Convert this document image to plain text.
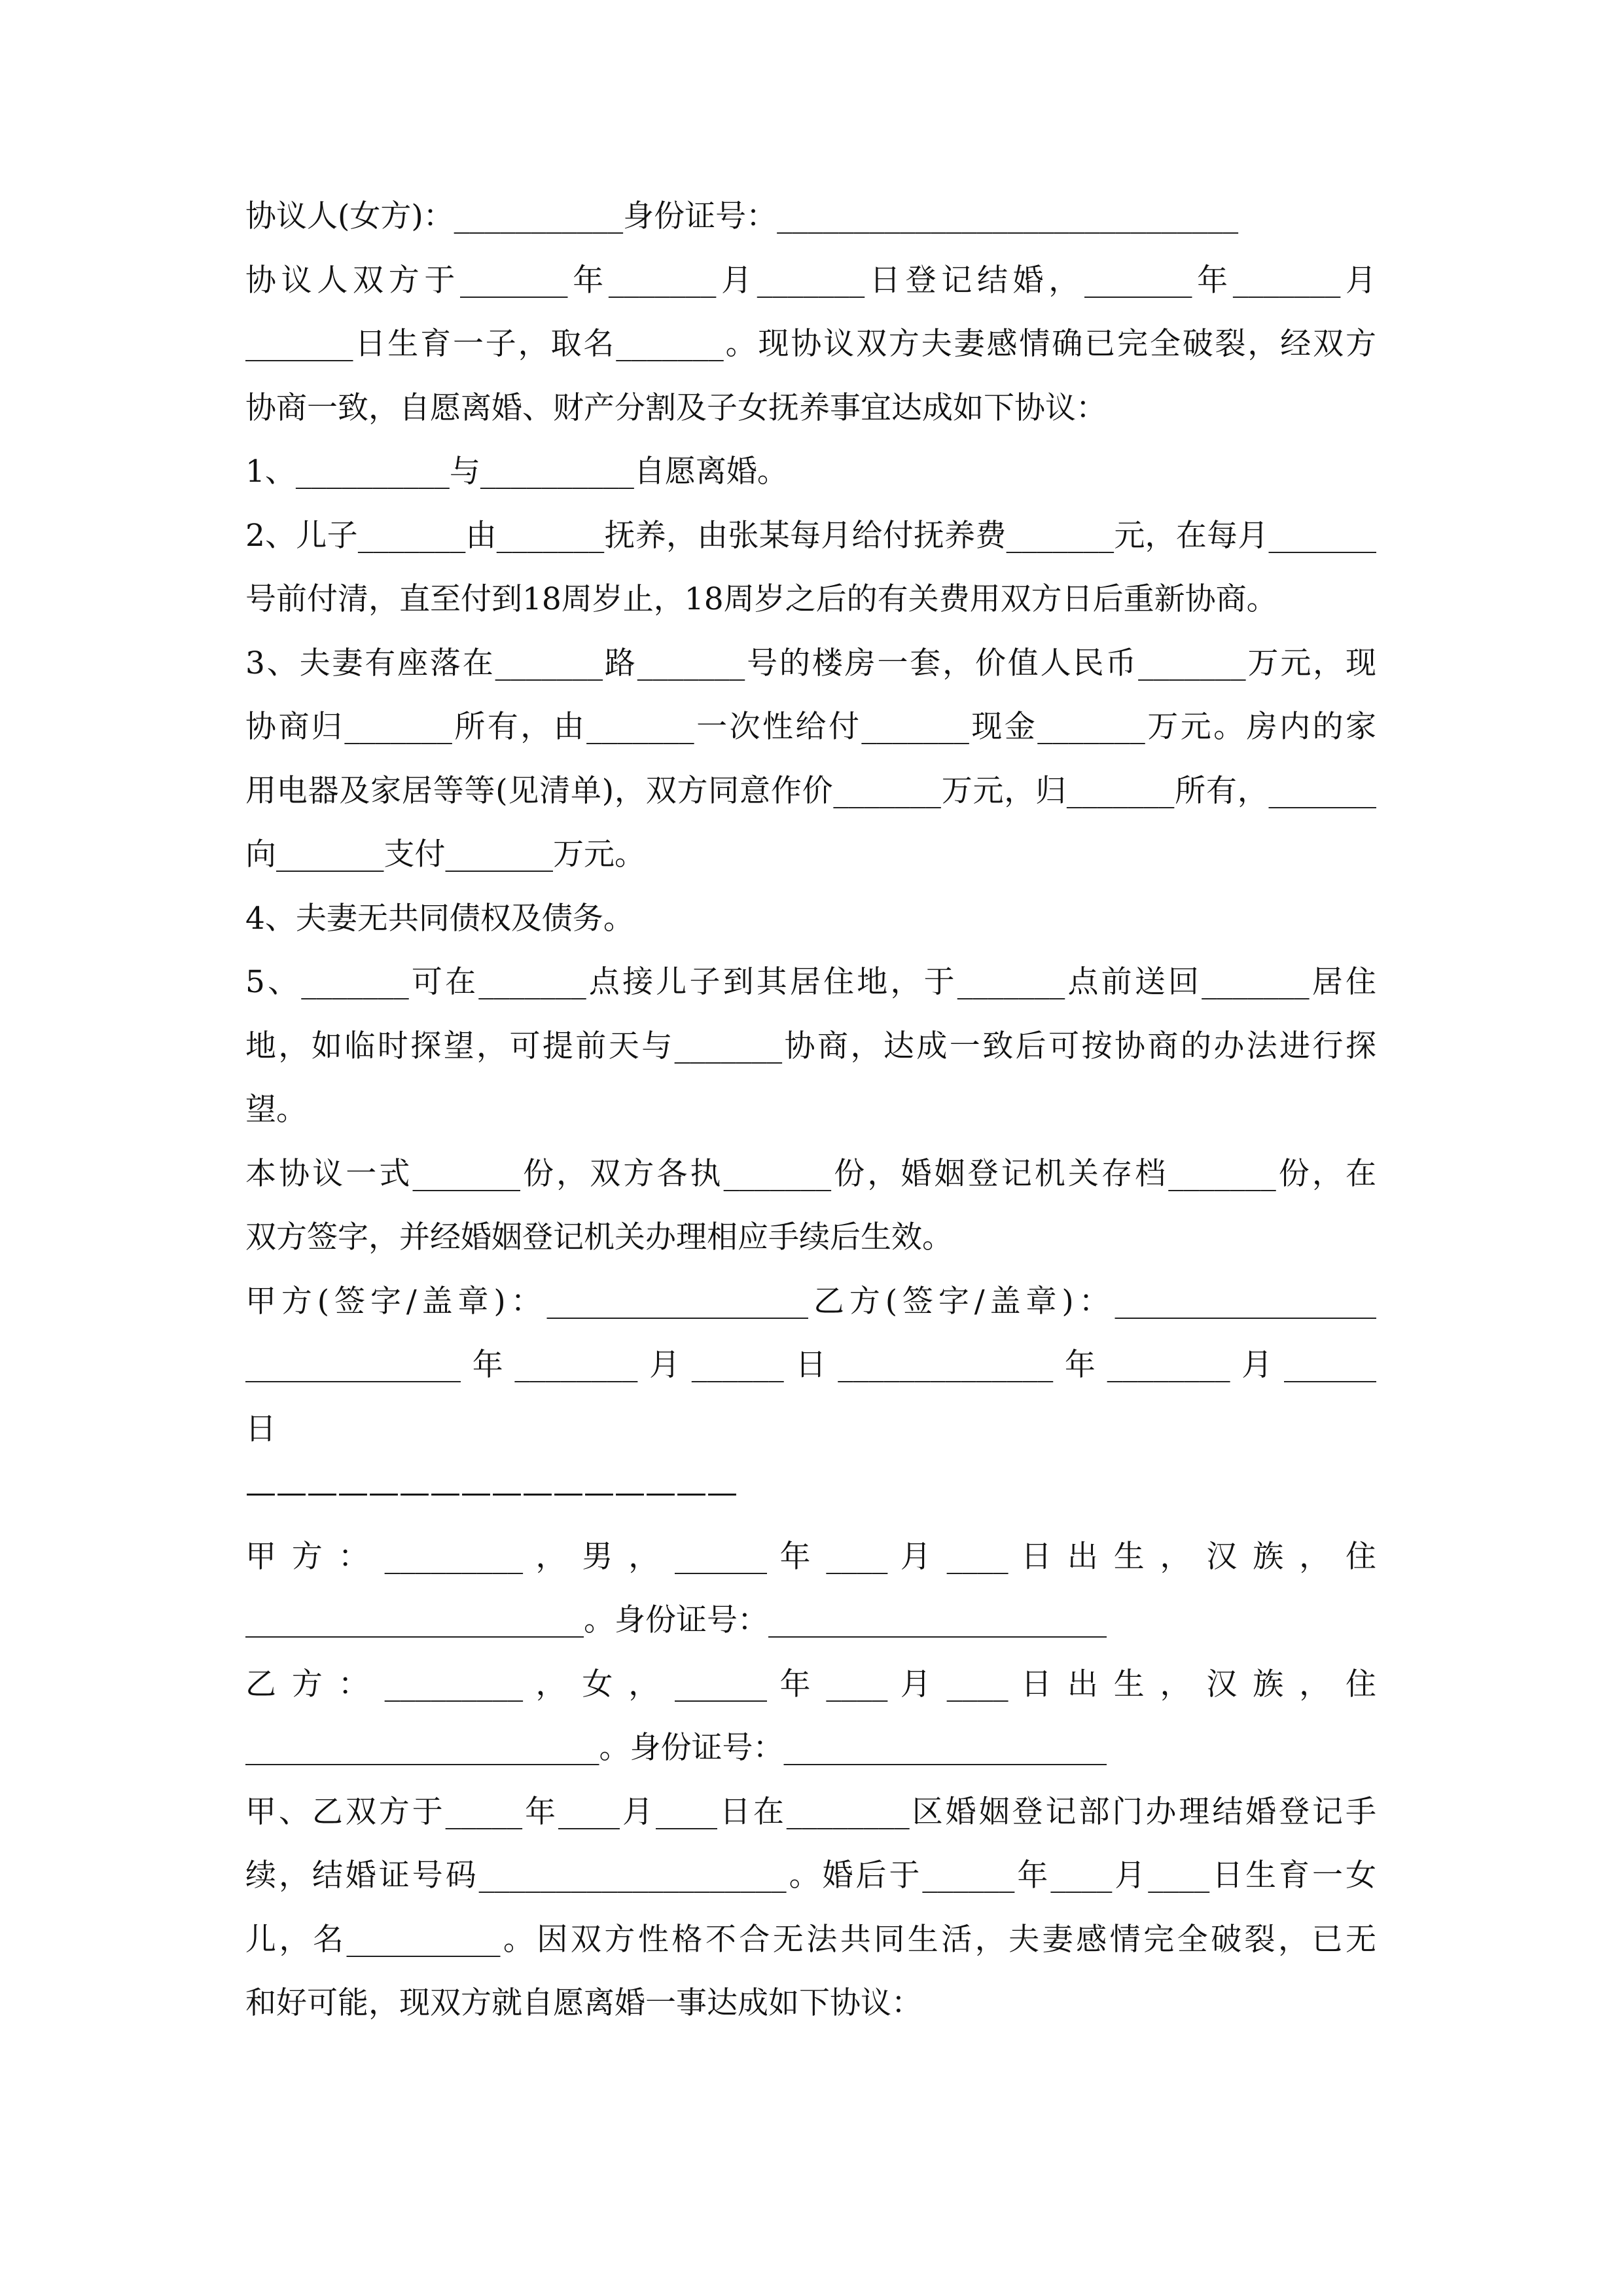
协议人(女方)：___________身份证号：______________________________
协议人双方于_______年_______月_______日登记结婚，_______年_______月
_______日生育一子，取名_______。现协议双方夫妻感情确已完全破裂，经双方
协商一致，自愿离婚、财产分割及子女抚养事宜达成如下协议：
1、__________与__________自愿离婚。
2、儿子_______由_______抚养，由张某每月给付抚养费_______元，在每月_______
号前付清，直至付到18周岁止，18周岁之后的有关费用双方日后重新协商。
3、夫妻有座落在_______路_______号的楼房一套，价值人民币_______万元，现
协商归_______所有，由_______一次性给付_______现金_______万元。房内的家
用电器及家居等等(见清单)，双方同意作价_______万元，归_______所有，_______
向_______支付_______万元。
4、夫妻无共同债权及债务。
5、_______可在_______点接儿子到其居住地，于_______点前送回_______居住
地，如临时探望，可提前天与_______协商，达成一致后可按协商的办法进行探
望。
本协议一式_______份，双方各执_______份，婚姻登记机关存档_______份，在
双方签字，并经婚姻登记机关办理相应手续后生效。
甲方(签字/盖章)：_________________乙方(签字/盖章)：_________________
______________年________月______日______________年________月______
日
————————————————
甲 方 ： _________ ， 男 ， ______ 年 ____ 月 ____ 日 出 生 ， 汉 族 ， 住
______________________。身份证号：______________________
乙 方 ： _________ ， 女 ， ______ 年 ____ 月 ____ 日 出 生 ， 汉 族 ， 住
_______________________。身份证号：_____________________
甲、乙双方于_____年____月____日在________区婚姻登记部门办理结婚登记手
续，结婚证号码____________________。婚后于______年____月____日生育一女
儿，名__________。因双方性格不合无法共同生活，夫妻感情完全破裂，已无
和好可能，现双方就自愿离婚一事达成如下协议：
